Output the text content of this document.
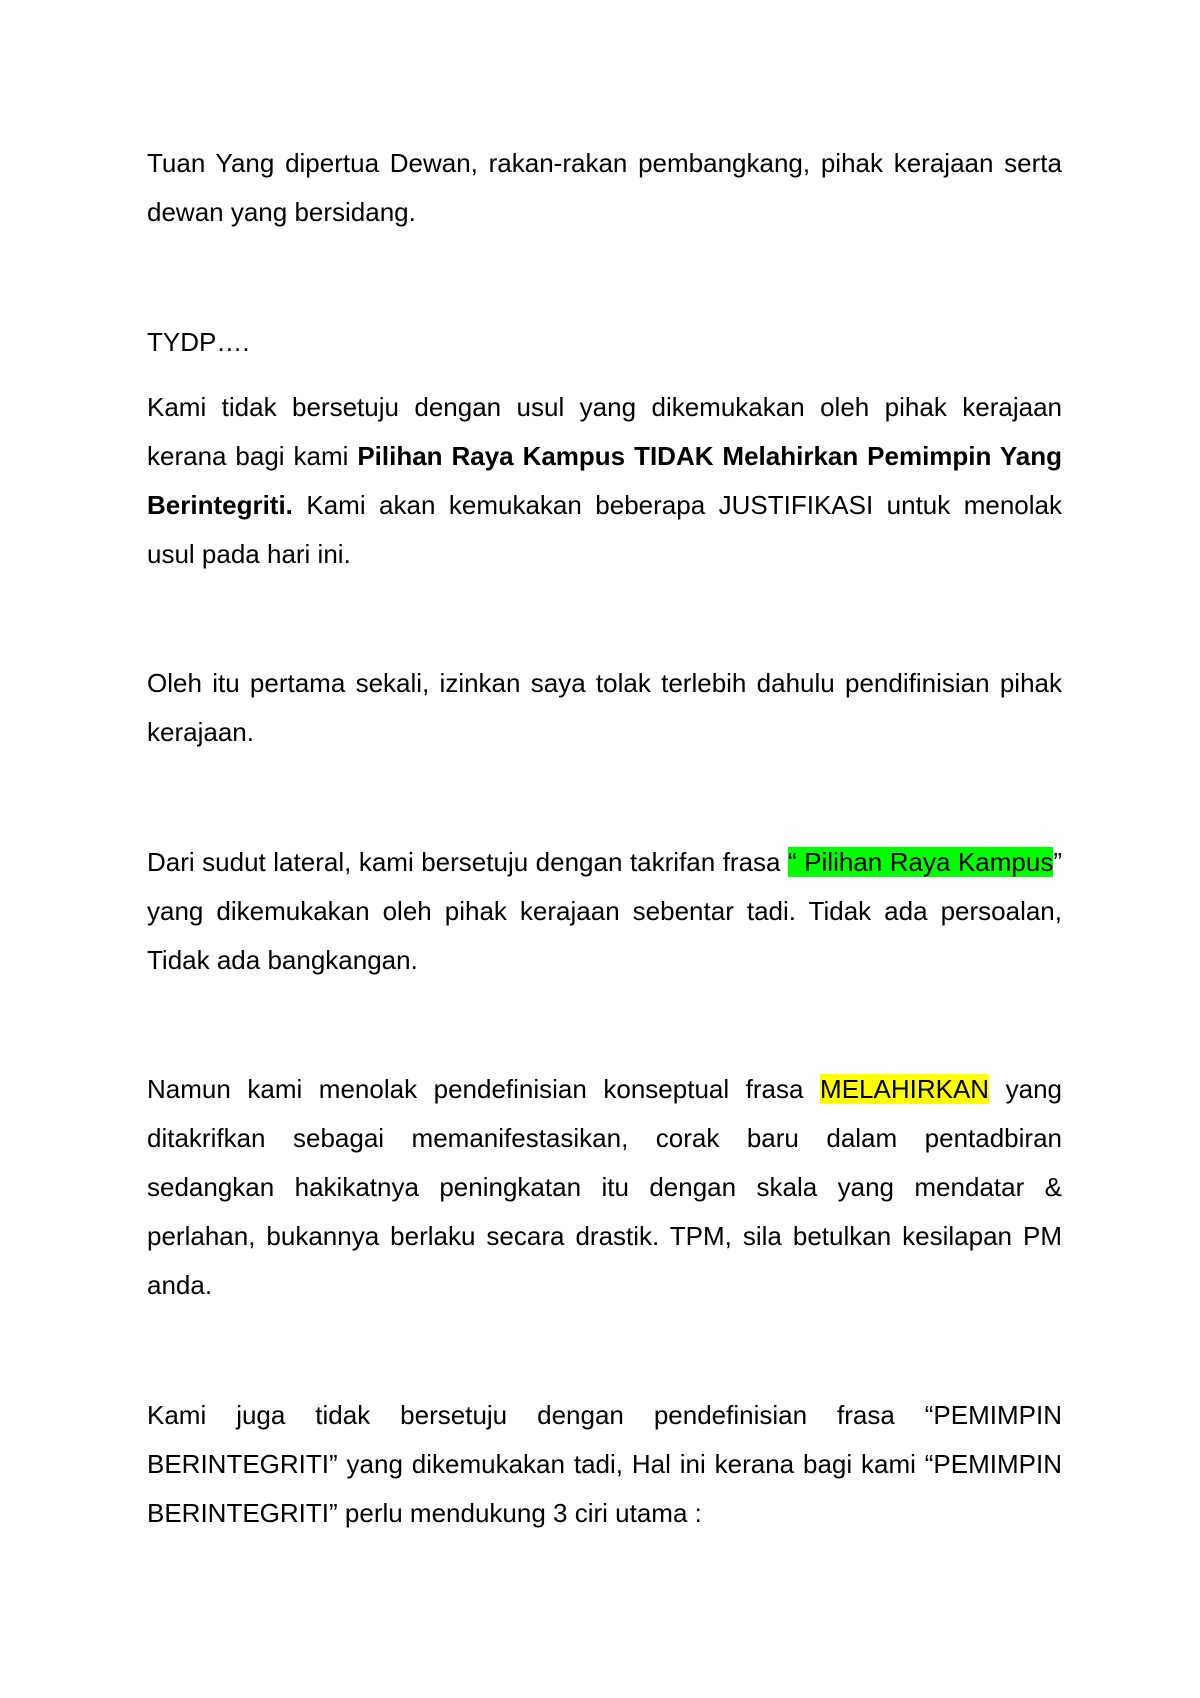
Tuan Yang dipertua Dewan, rakan-rakan pembangkang, pihak kerajaan serta dewan yang bersidang.

TYDP….

Kami tidak bersetuju dengan usul yang dikemukakan oleh pihak kerajaan kerana bagi kami Pilihan Raya Kampus TIDAK Melahirkan Pemimpin Yang Berintegriti. Kami akan kemukakan beberapa JUSTIFIKASI untuk menolak usul pada hari ini.

Oleh itu pertama sekali, izinkan saya tolak terlebih dahulu pendifinisian pihak kerajaan.

Dari sudut lateral, kami bersetuju dengan takrifan frasa “ Pilihan Raya Kampus” yang dikemukakan oleh pihak kerajaan sebentar tadi. Tidak ada persoalan, Tidak ada bangkangan.

Namun kami menolak pendefinisian konseptual frasa MELAHIRKAN yang ditakrifkan sebagai memanifestasikan, corak baru dalam pentadbiran sedangkan hakikatnya peningkatan itu dengan skala yang mendatar & perlahan, bukannya berlaku secara drastik. TPM, sila betulkan kesilapan PM anda.

Kami juga tidak bersetuju dengan pendefinisian frasa “PEMIMPIN BERINTEGRITI” yang dikemukakan tadi, Hal ini kerana bagi kami “PEMIMPIN BERINTEGRITI” perlu mendukung 3 ciri utama :
